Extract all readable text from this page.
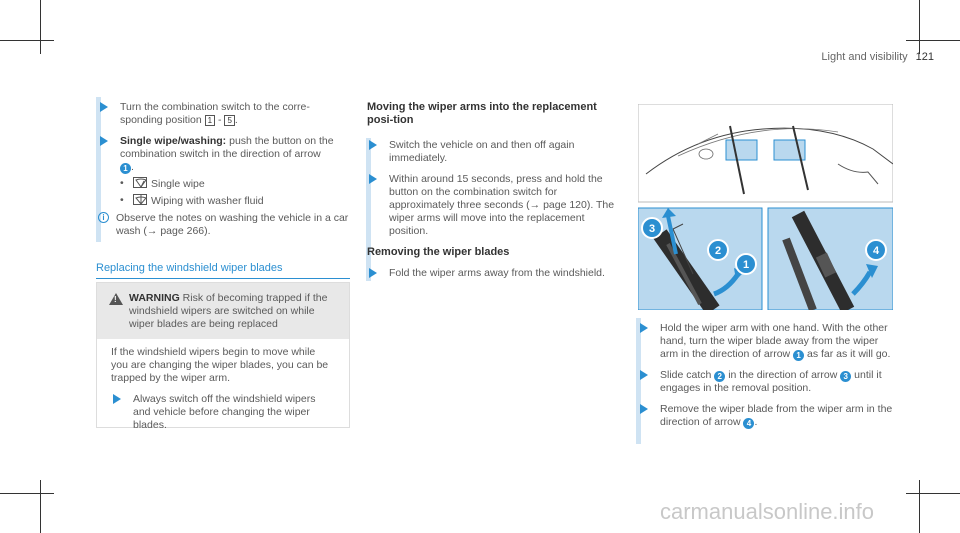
Light and visibility 121
Turn the combination switch to the corre-sponding position 1 - 5 .
Single wipe/washing: push the button on the combination switch in the direction of arrow
1 .
•	Single wipe
•	Wiping with washer fluid
i	Observe the notes on washing the vehicle in a car wash (→ page 266).
Replacing the windshield wiper blades
!
WARNING Risk of becoming trapped if the windshield wipers are switched on while wiper blades are being replaced
If the windshield wipers begin to move while you are changing the wiper blades, you can be trapped by the wiper arm.
Always switch off the windshield wipers and vehicle before changing the wiper blades.
Moving the wiper arms into the replacement posi-tion
Switch the vehicle on and then off again immediately.
Within around 15 seconds, press and hold the button on the combination switch for approximately three seconds (→ page 120). The wiper arms will move into the replacement position.
Removing the wiper blades
Fold the wiper arms away from the windshield.
3
2
1
4
Hold the wiper arm with one hand. With the other hand, turn the wiper blade away from the wiper arm in the direction of arrow 1 as far as it will go.
Slide catch 2 in the direction of arrow 3 until it engages in the removal position.
Remove the wiper blade from the wiper arm in the direction of arrow 4 .
carmanualsonline.info
